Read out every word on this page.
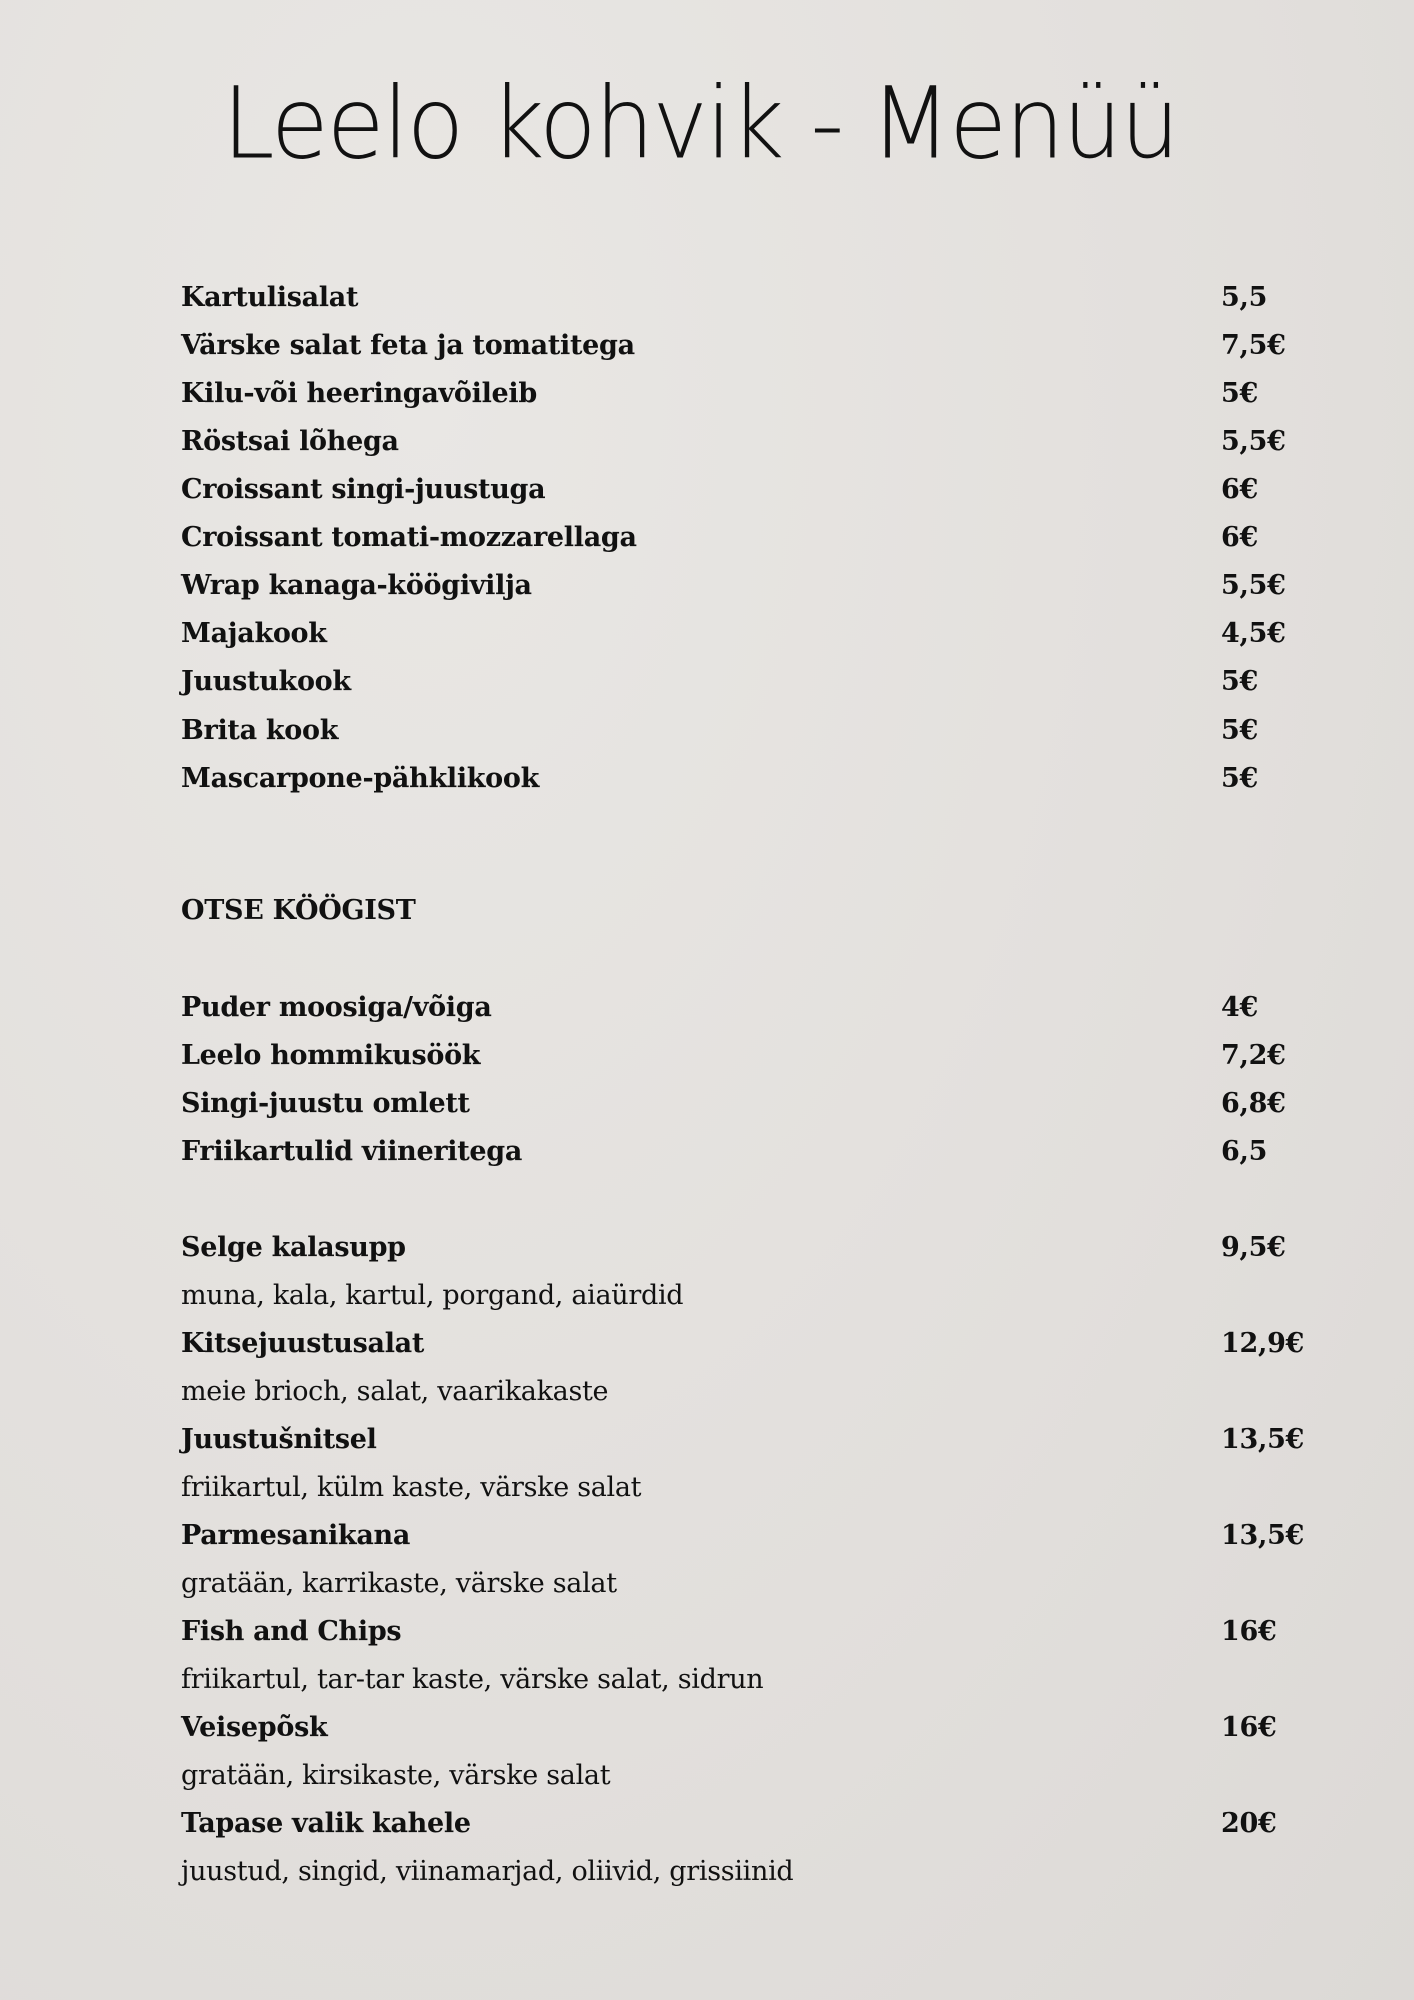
Leelo kohvik - Menüü
Kartulisalat	5,5
Värske salat feta ja tomatitega	7,5€
Kilu-või heeringavõileib	5€
Röstsai lõhega	5,5€
Croissant singi-juustuga	6€
Croissant tomati-mozzarellaga	6€
Wrap kanaga-köögivilja	5,5€
Majakook	4,5€
Juustukook	5€
Brita kook	5€
Mascarpone-pähklikook	5€
OTSE KÖÖGIST
Puder moosiga/võiga	4€
Leelo hommikusöök	7,2€
Singi-juustu omlett	6,8€
Friikartulid viineritega	6,5
Selge kalasupp	9,5€
muna, kala, kartul, porgand, aiaürdid
Kitsejuustusalat	12,9€
meie brioch, salat, vaarikakaste
Juustušnitsel	13,5€
friikartul, külm kaste, värske salat
Parmesanikana	13,5€
gratään, karrikaste, värske salat
Fish and Chips	16€
friikartul, tar-tar kaste, värske salat, sidrun
Veisepõsk	16€
gratään, kirsikaste, värske salat
Tapase valik kahele	20€
juustud, singid, viinamarjad, oliivid, grissiinid
